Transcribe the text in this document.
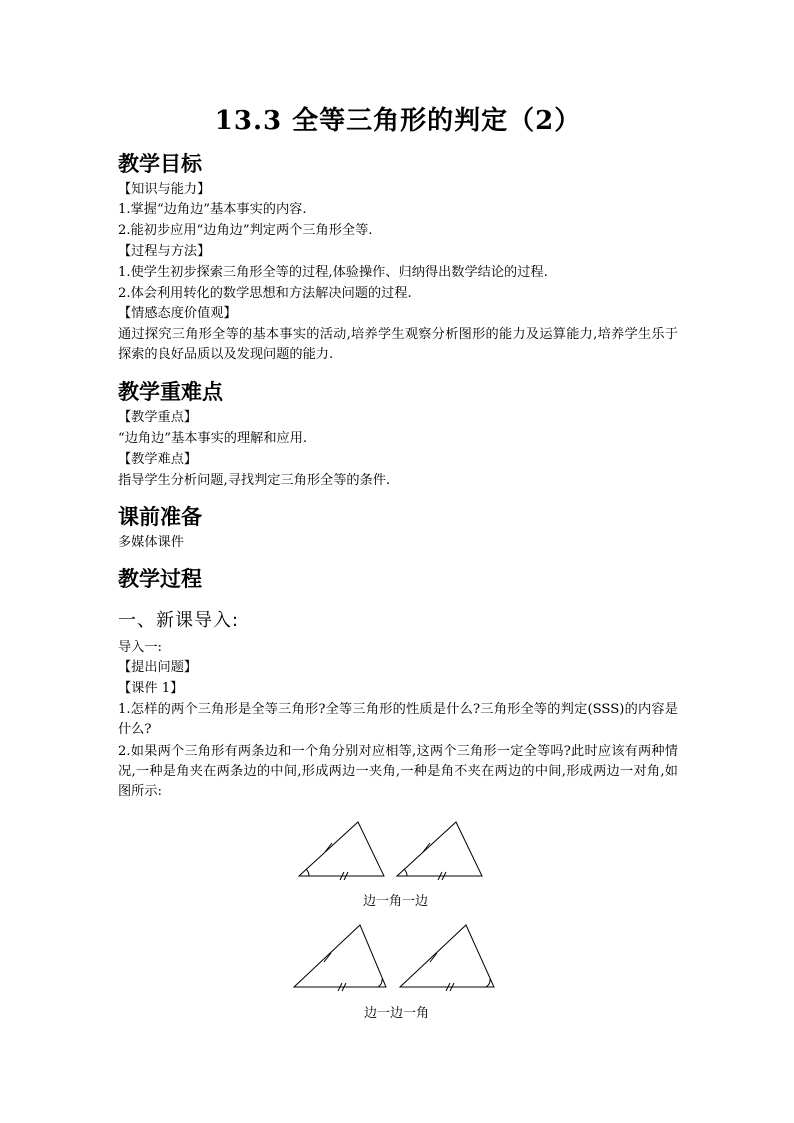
13.3 全等三角形的判定（2）
教学目标
【知识与能力】
1.掌握“边角边”基本事实的内容.
2.能初步应用“边角边”判定两个三角形全等.
【过程与方法】
1.使学生初步探索三角形全等的过程,体验操作、归纳得出数学结论的过程.
2.体会利用转化的数学思想和方法解决问题的过程.
【情感态度价值观】
通过探究三角形全等的基本事实的活动,培养学生观察分析图形的能力及运算能力,培养学生乐于探索的良好品质以及发现问题的能力.
教学重难点
【教学重点】
“边角边”基本事实的理解和应用.
【教学难点】
指导学生分析问题,寻找判定三角形全等的条件.
课前准备
多媒体课件
教学过程
一、新课导入:
导入一:
【提出问题】
【课件 1】
1.怎样的两个三角形是全等三角形?全等三角形的性质是什么?三角形全等的判定(SSS)的内容是什么?
2.如果两个三角形有两条边和一个角分别对应相等,这两个三角形一定全等吗?此时应该有两种情况,一种是角夹在两条边的中间,形成两边一夹角,一种是角不夹在两边的中间,形成两边一对角,如图所示:
边一角一边
边一边一角
